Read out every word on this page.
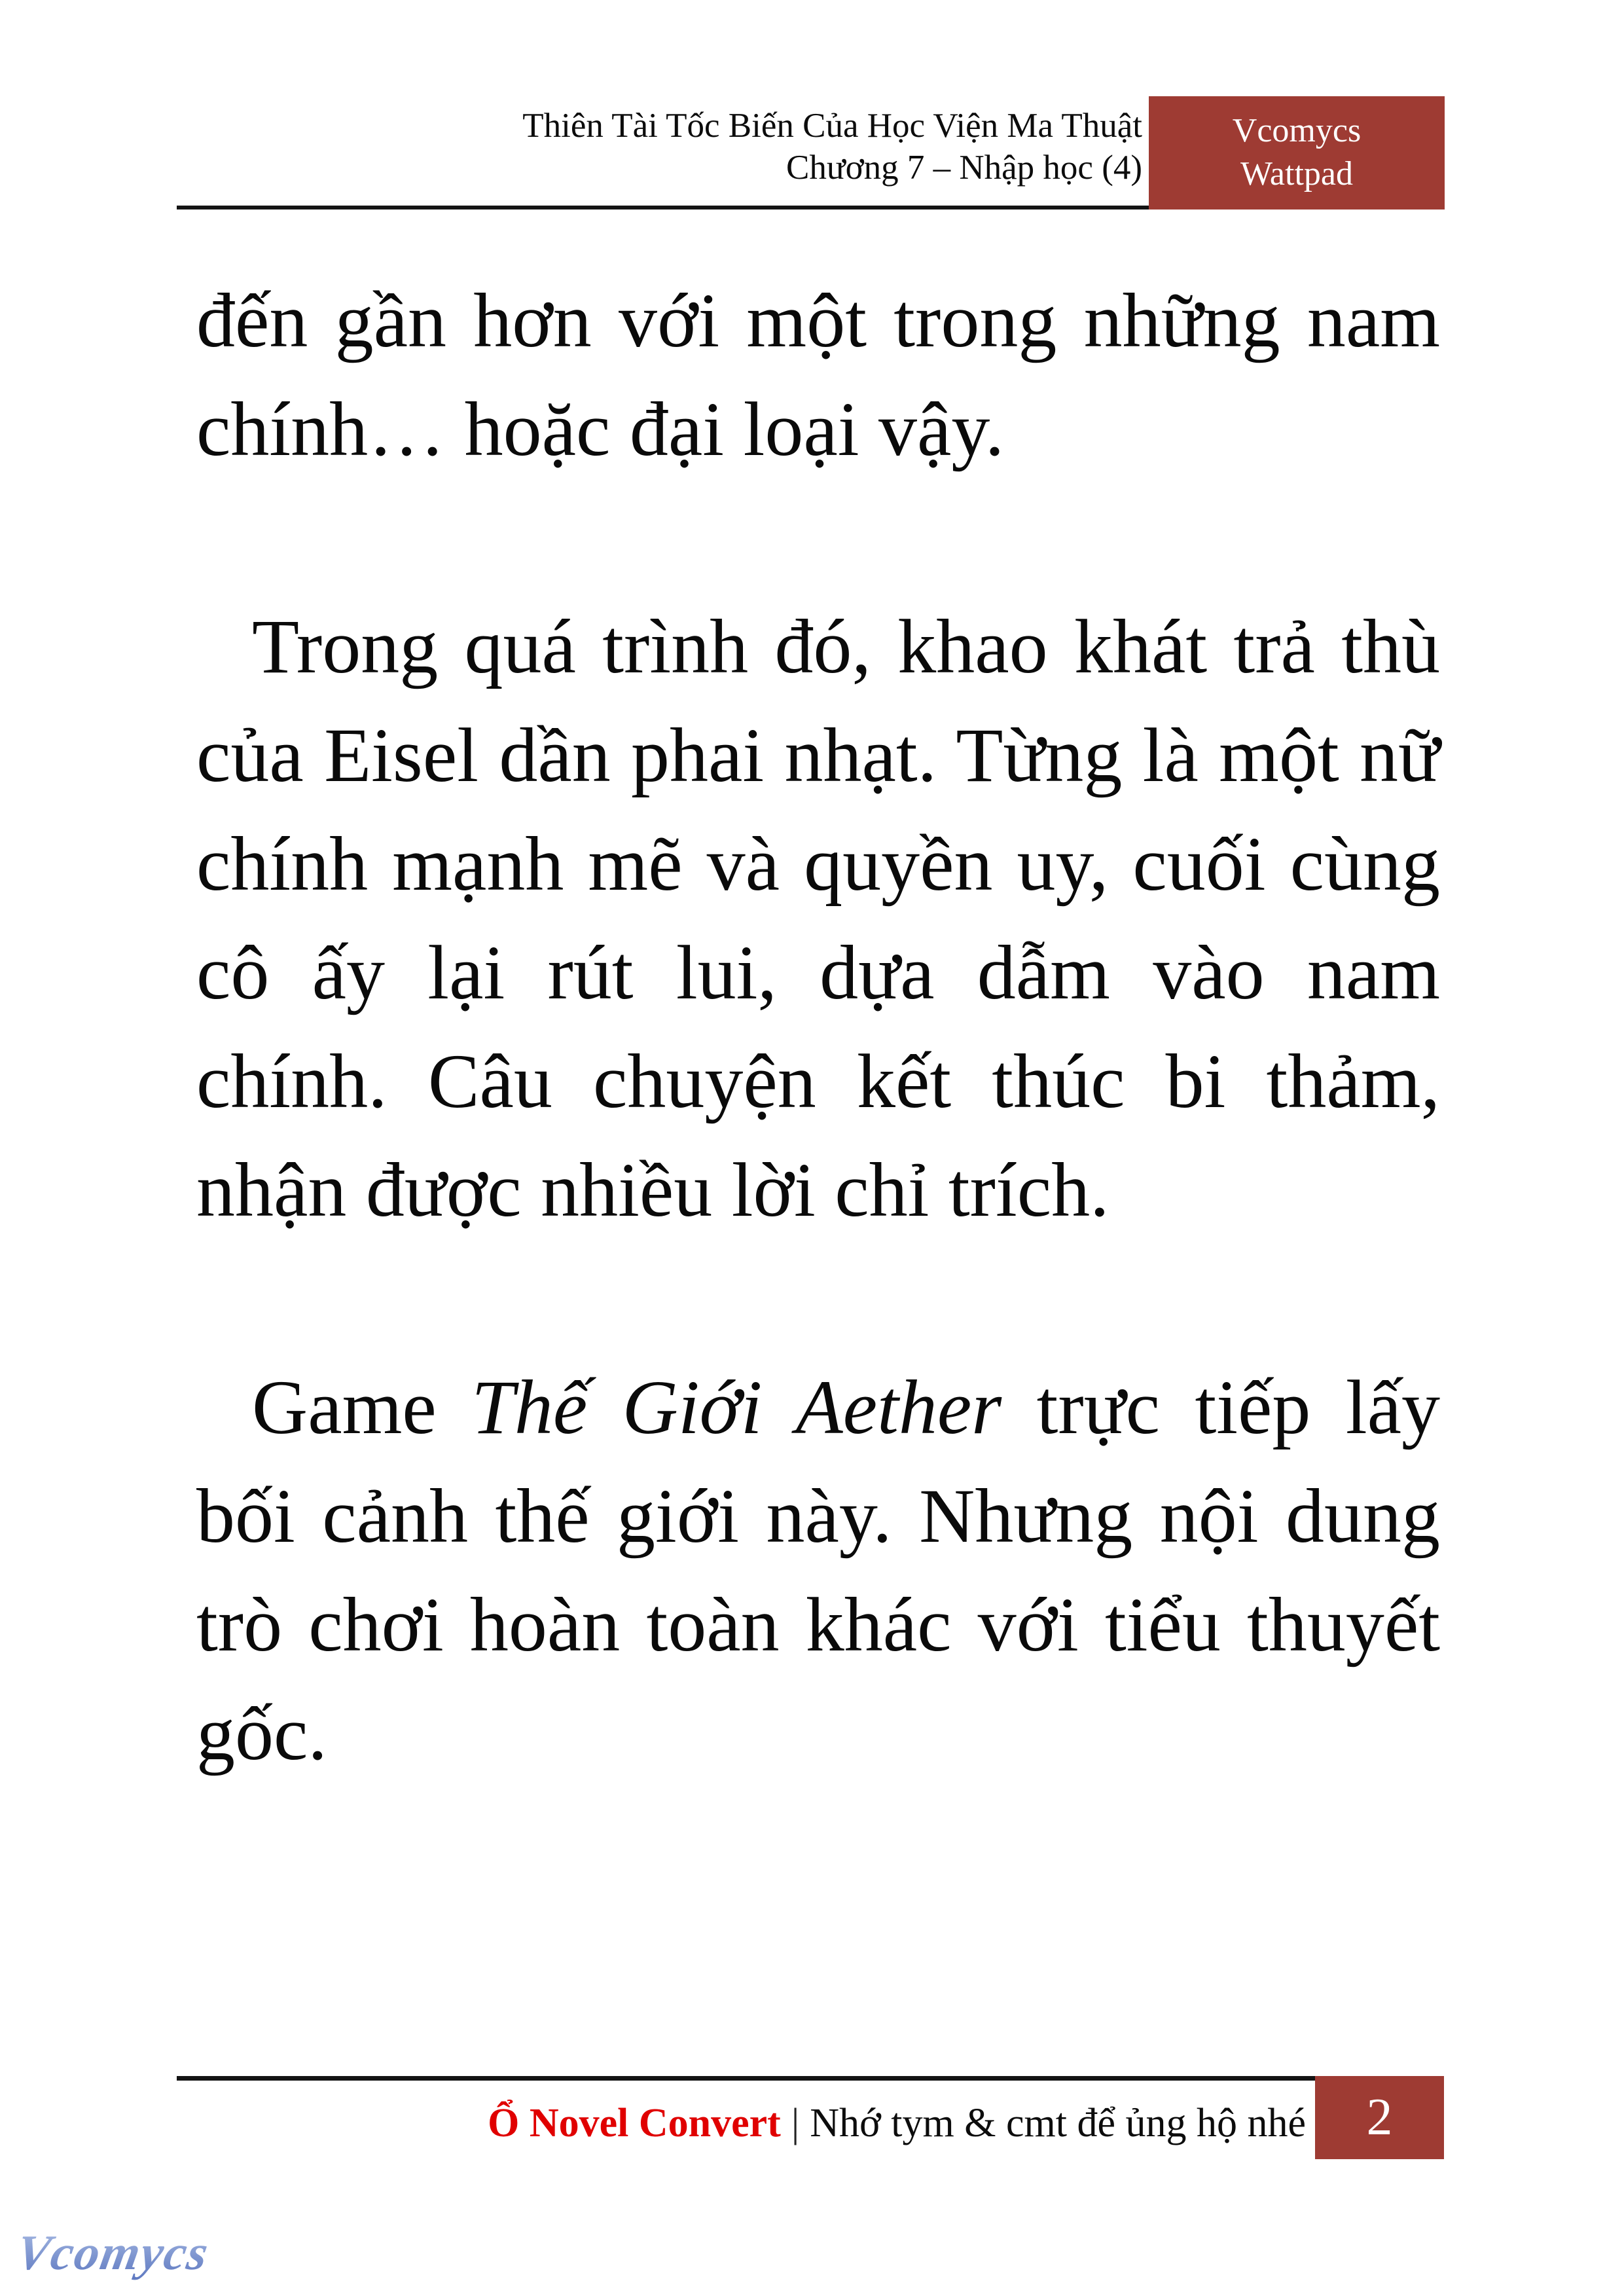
Thiên Tài Tốc Biến Của Học Viện Ma Thuật
Chương 7 – Nhập học (4)
Vcomycs
Wattpad

đến gần hơn với một trong những nam chính… hoặc đại loại vậy.

Trong quá trình đó, khao khát trả thù của Eisel dần phai nhạt. Từng là một nữ chính mạnh mẽ và quyền uy, cuối cùng cô ấy lại rút lui, dựa dẫm vào nam chính. Câu chuyện kết thúc bi thảm, nhận được nhiều lời chỉ trích.

Game Thế Giới Aether trực tiếp lấy bối cảnh thế giới này. Nhưng nội dung trò chơi hoàn toàn khác với tiểu thuyết gốc.

Ổ Novel Convert | Nhớ tym & cmt để ủng hộ nhé	2
Vcomycs
